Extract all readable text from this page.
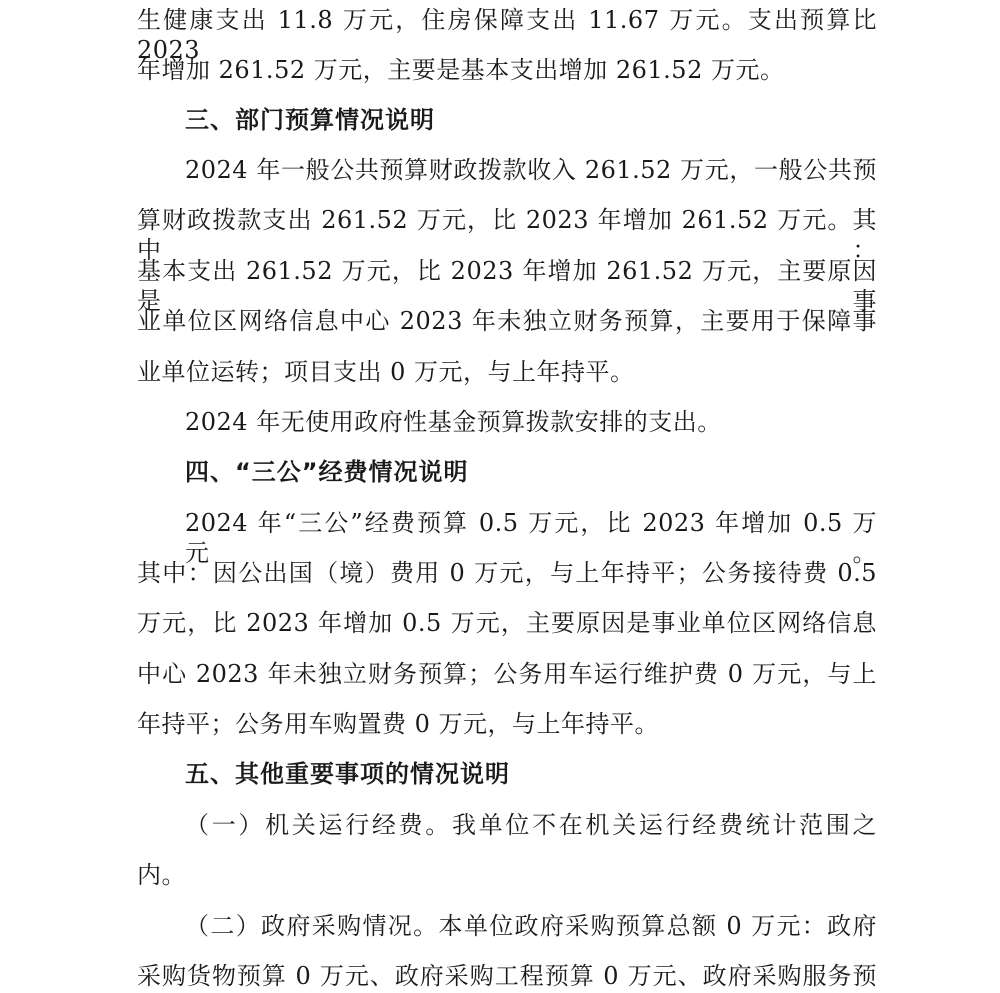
生健康支出 11.8 万元，住房保障支出 11.67 万元。支出预算比 2023
年增加 261.52 万元，主要是基本支出增加 261.52 万元。
三、部门预算情况说明
2024 年一般公共预算财政拨款收入 261.52 万元，一般公共预
算财政拨款支出 261.52 万元，比 2023 年增加 261.52 万元。其中：
基本支出 261.52 万元，比 2023 年增加 261.52 万元，主要原因是事
业单位区网络信息中心 2023 年未独立财务预算，主要用于保障事
业单位运转；项目支出 0 万元，与上年持平。
2024 年无使用政府性基金预算拨款安排的支出。
四、“三公”经费情况说明
2024 年“三公”经费预算 0.5 万元，比 2023 年增加 0.5 万元。
其中：因公出国（境）费用 0 万元，与上年持平；公务接待费 0.5
万元，比 2023 年增加 0.5 万元，主要原因是事业单位区网络信息
中心 2023 年未独立财务预算；公务用车运行维护费 0 万元，与上
年持平；公务用车购置费 0 万元，与上年持平。
五、其他重要事项的情况说明
（一）机关运行经费。我单位不在机关运行经费统计范围之
内。
（二）政府采购情况。本单位政府采购预算总额 0 万元：政府
采购货物预算 0 万元、政府采购工程预算 0 万元、政府采购服务预
